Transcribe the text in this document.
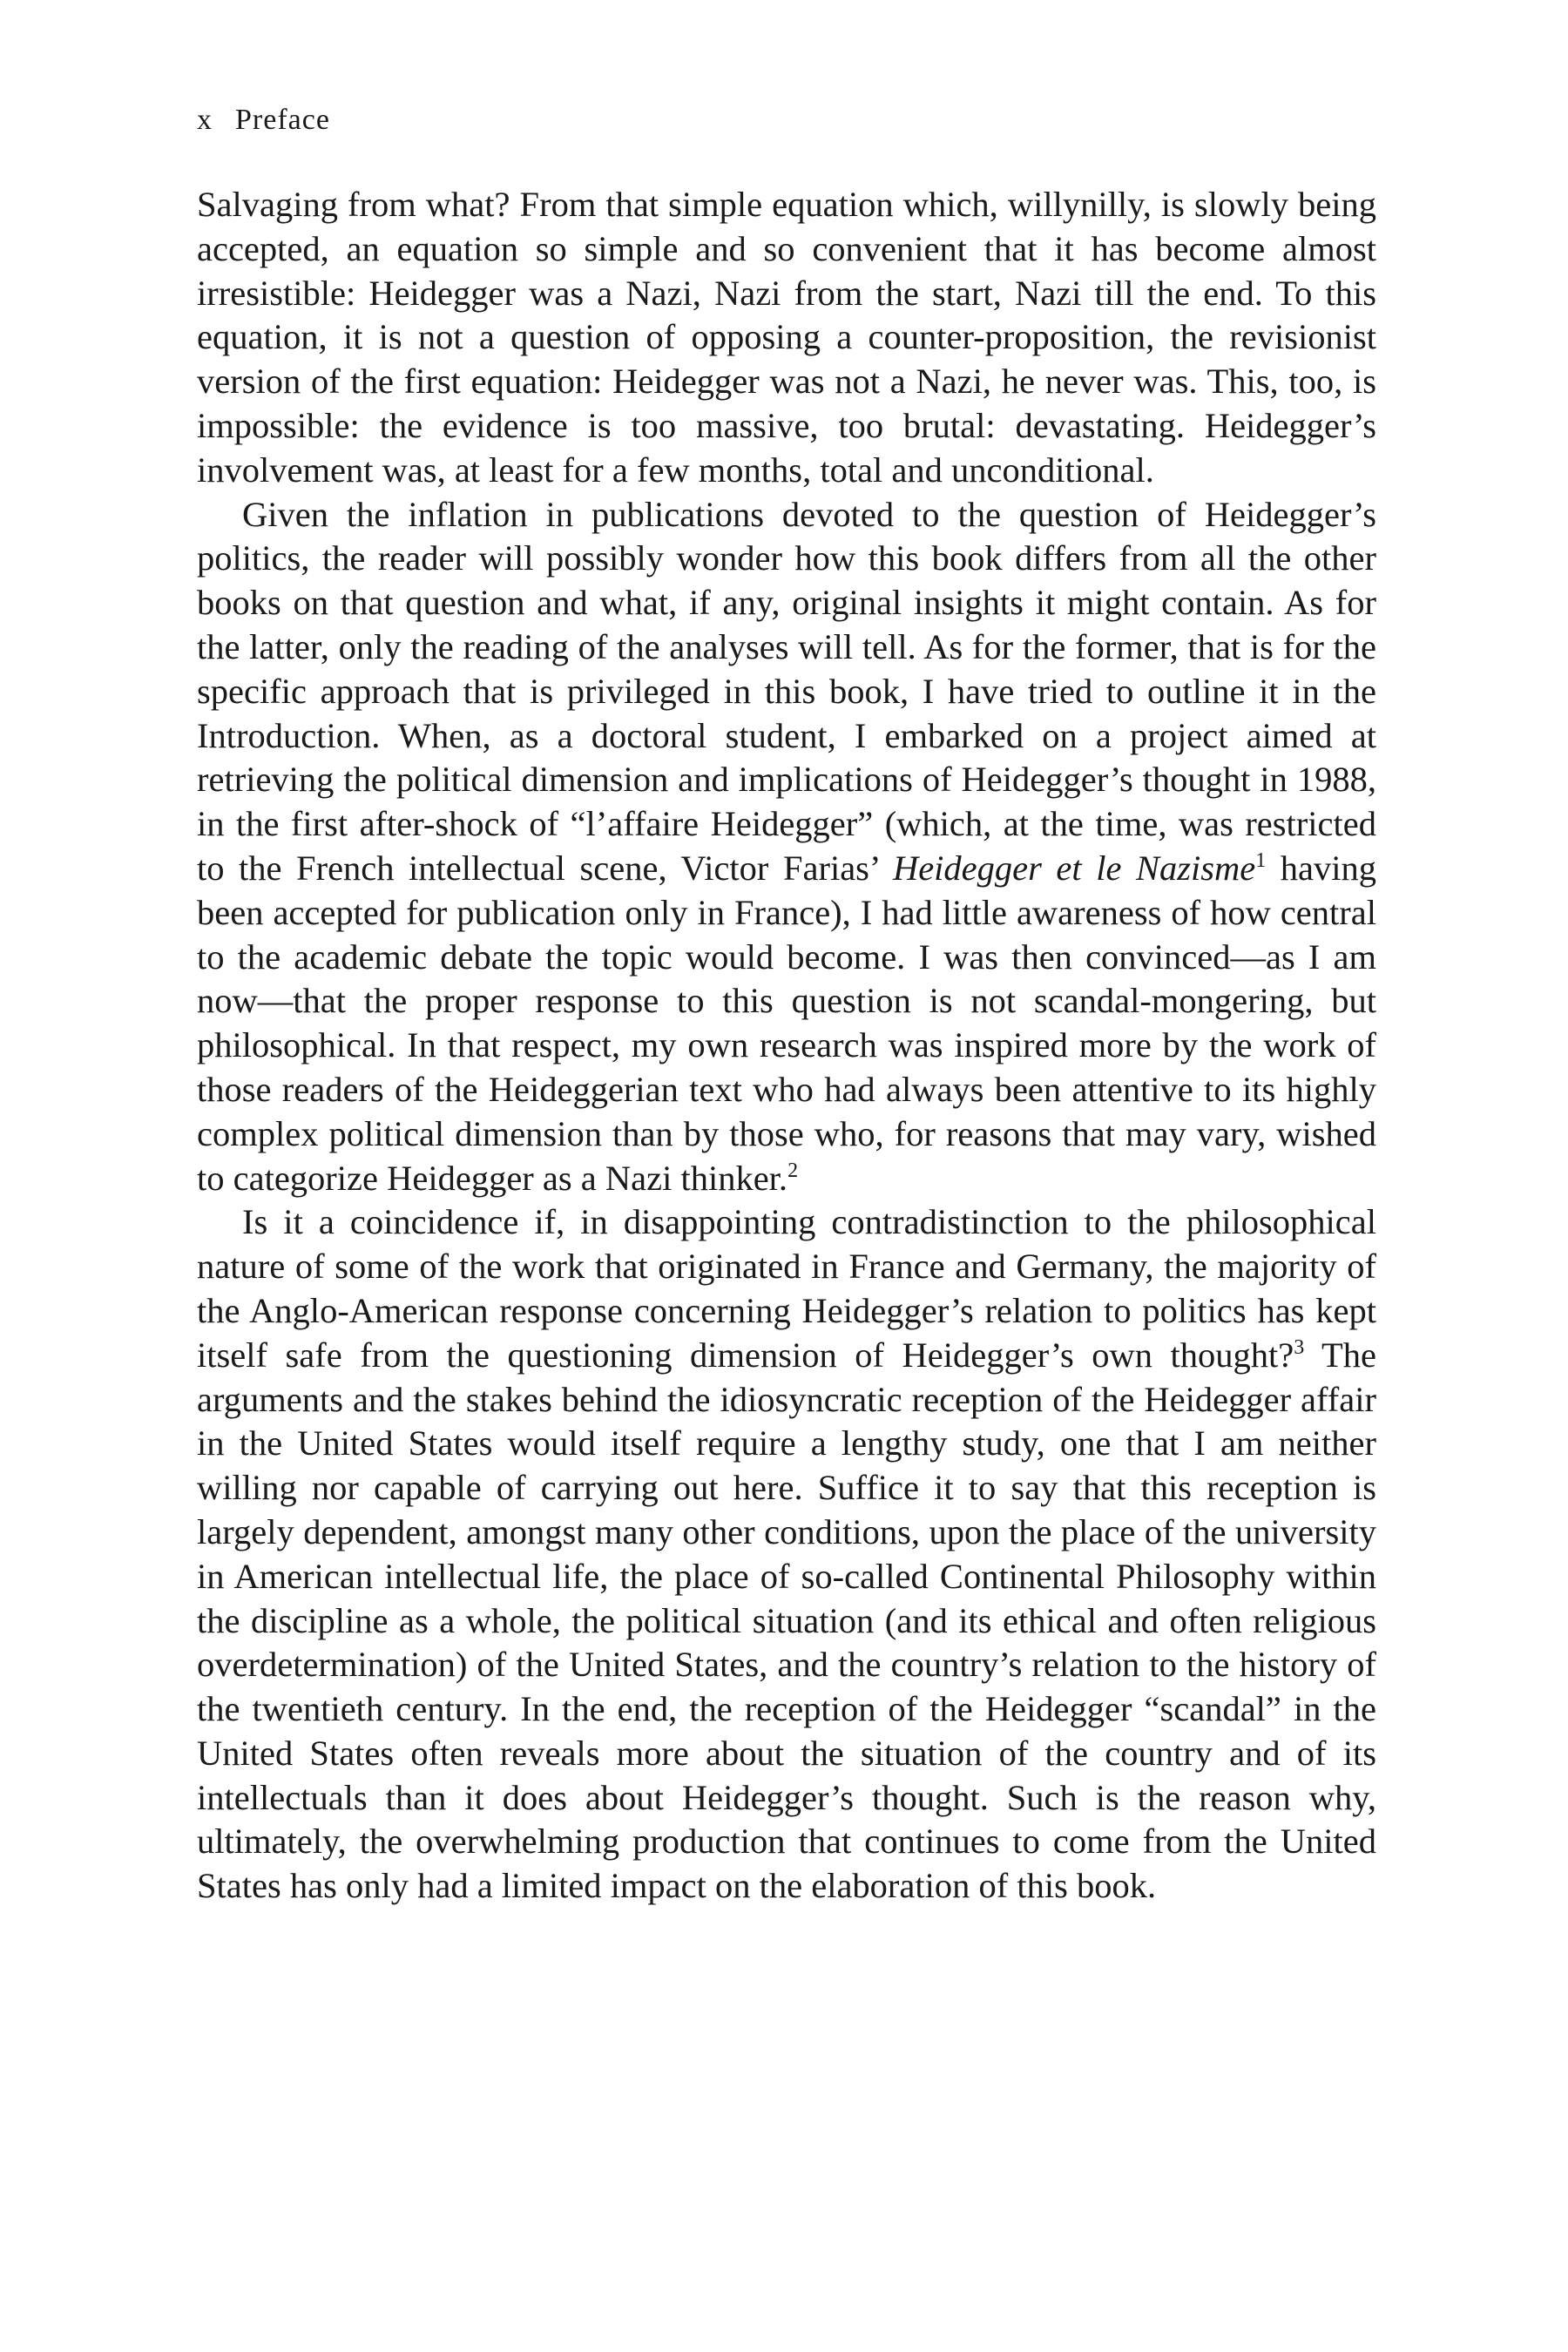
x Preface

Salvaging from what? From that simple equation which, willynilly, is slowly being accepted, an equation so simple and so convenient that it has become almost irresistible: Heidegger was a Nazi, Nazi from the start, Nazi till the end. To this equation, it is not a question of opposing a counter-proposition, the revisionist version of the first equation: Heidegger was not a Nazi, he never was. This, too, is impossible: the evidence is too massive, too brutal: devastating. Heidegger’s involvement was, at least for a few months, total and unconditional.

Given the inflation in publications devoted to the question of Heidegger’s politics, the reader will possibly wonder how this book differs from all the other books on that question and what, if any, original insights it might contain. As for the latter, only the reading of the analyses will tell. As for the former, that is for the specific approach that is privileged in this book, I have tried to outline it in the Introduction. When, as a doctoral student, I embarked on a project aimed at retrieving the political dimension and implications of Heidegger’s thought in 1988, in the first after-shock of “l’affaire Heidegger” (which, at the time, was restricted to the French intellectual scene, Victor Farias’ Heidegger et le Nazisme$^1$ having been accepted for publication only in France), I had little awareness of how central to the academic debate the topic would become. I was then convinced—as I am now—that the proper response to this question is not scandal-mongering, but philosophical. In that respect, my own research was inspired more by the work of those readers of the Heideggerian text who had always been attentive to its highly complex political dimension than by those who, for reasons that may vary, wished to categorize Heidegger as a Nazi thinker.$^2$

Is it a coincidence if, in disappointing contradistinction to the philosophical nature of some of the work that originated in France and Germany, the majority of the Anglo-American response concerning Heidegger’s relation to politics has kept itself safe from the questioning dimension of Heidegger’s own thought?$^3$ The arguments and the stakes behind the idiosyncratic reception of the Heidegger affair in the United States would itself require a lengthy study, one that I am neither willing nor capable of carrying out here. Suffice it to say that this reception is largely dependent, amongst many other conditions, upon the place of the university in American intellectual life, the place of so-called Continental Philosophy within the discipline as a whole, the political situation (and its ethical and often religious overdetermination) of the United States, and the country’s relation to the history of the twentieth century. In the end, the reception of the Heidegger “scandal” in the United States often reveals more about the situation of the country and of its intellectuals than it does about Heidegger’s thought. Such is the reason why, ultimately, the overwhelming production that continues to come from the United States has only had a limited impact on the elaboration of this book.
